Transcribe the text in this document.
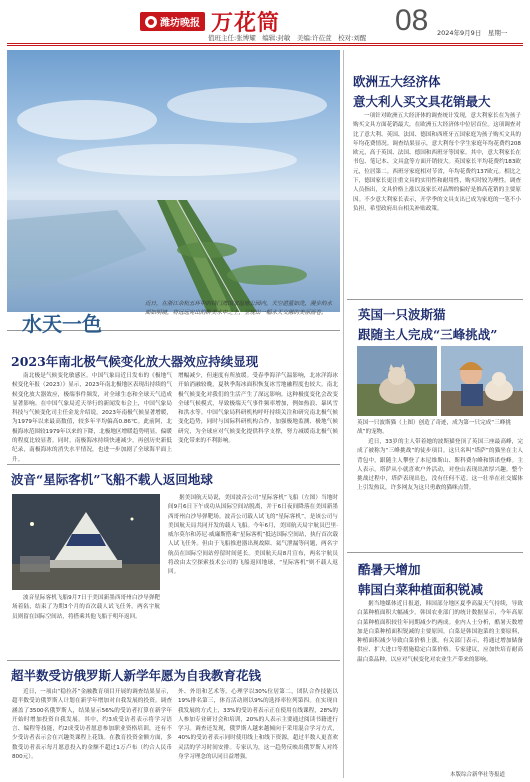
潍坊晚报 万花筒	08 2024年9月9日　星期一
值班主任:张博耀　编辑:封敏　美编:许莅萱　校对:刘醒
水天一色
近日，在浙江余杭五环中的钱门湾国家湿地公园内，天空湛蓝如洗，漫步的水面如明镜，将远远宛出的醉美水中之上，呈现出一幅水天交融的美丽画卷。
2023年南北极气候变化放大器效应持续显现
南北极是气候变化敏感区。中国气象局近日发布的《极地气候变化年报（2023）》显示，2023年南北极地区表现出持续的气候变化放大器效应，极端事件频发，对全球生态和全球天气造成显著影响。在中国气象局近天举行的新闻发布会上，中国气象局科技与气候变化司主任金龙介绍说，2023年南极气候显著增暖，为1979年以来最高数值，较多年平均偏高0.86℃。此前阿，北极海冰范围较1979年以来的下降，北极地区增暖趋势明显，偏暖的程度比较显著。同时，南极海冰持续快速减少，再创历史新低纪录，南极海冰的消失水平情况，也进一步加剧了全球海平面上升。
增幅减少，但速度有所放缓。受春季海洋气温影响，北冰洋海冰开始消融较晚，夏秋季海冰面积恢复冰雪地融程度也较大。南北极气候变化对我们的生活产生了深远影响。这种极度变化会改变全球气候模式，导致极端天气事件频率增加，例如热浪、暴风雪和洪水等。中国气象局科研机构呼吁持续关注和研究南北极气候变化趋势，同时与国际科研机构合作，加强极地监测、极地气候研究，为全球应对气候变化提供科学支撑，努力减缓南北极气候变化带来的不利影响。
波音“星际客机”飞船不载人返回地球
波音星际客机飞船9月7日于美国新墨西哥州白沙导弹靶场着陆，结束了为期3个月的首次载人试飞任务。两名宇航员则留在国际空间站，将搭乘其他飞船于明年返回。
据美国航天局说，美国波音公司“星际客机”飞船（左图）当地时间9月6日下午成功从国际空间站脱离，并于6日夜间降落在美国新墨西哥州白沙导弹靶场。波音公司载人试飞的“星际客机”，是该公司与美国航天局共同开发的载人飞船。今年6月，美国航天局宇航员巴里·威尔莫尔和苏尼·威廉斯搭乘“星际客机”抵达国际空间站，执行首次载人试飞任务。但由于飞船推进器出现故障、氦气泄漏等问题，两名宇航员在国际空间站停留时间延长。美国航天局8月宣布，两名宇航员将改由太空探索技术公司的飞船返回地球，“星际客机”则不载人返回。
超半数受访俄罗斯人新学年愿为自我教育花钱
近日，一项由“稳拉苏”金融教育项目开展的调查结果显示，超半数受访俄罗斯人计划在新学年增加对自我发展的投资。调查涵盖了3500名俄罗斯人，结果显示56%的受访者打算在新学年开始时增加投资自我发展。其中，约3成受访者表示将学习语言、编程等技能，约2成受访者愿意参加职业资格培训，还有不少受访者表示会在兴趣类课程上花钱。在教育投资金额方面，多数受访者表示每月愿意投入的金额不超过1万卢布（约合人民币800元）。
外、外语和艺术等。心理学以30%位居第二，团队合作技能以19%排名第三，体育活动则以9%的选择率位列第四。在实现自我发展的方式上，33%的受访者表示正在使用在线课程，28%的人参加专业研讨会和培训，20%的人表示主要通过阅读书籍进行学习。调查还发现，俄罗斯人越来越倾向于采用混合学习方式，40%的受访者表示同时使用线上和线下资源，超过半数人更喜欢灵活的学习时间安排。专家认为，这一趋势反映出俄罗斯人对终身学习理念的认同日益增强。
欧洲五大经济体
意大利人买文具花销最大
一项针对欧洲五大经济体的调查统计发现，意大利家长在为孩子购买文具方面花销最大，在欧洲五大经济体中位居首位。这项调查对比了意大利、英国、法国、德国和西班牙五国家庭为孩子购买文具的年均花费情况。调查结果显示，意大利每个学生家庭年均花费约208欧元，高于英国、法国、德国和西班牙等国家。其中，意大利家长在书包、笔记本、文具盒等方面开销较大。英国家长平均花费约183欧元，位居第二。西班牙家庭相对节省，年均花费约137欧元。相比之下，德国家长更注重文具的实用性和耐用性，购买时较为理性。调查人员指出，文具价格上涨以及家长对品牌的偏好是推高花销的主要原因。不少意大利家长表示，开学季的文具支出已成为家庭的一笔不小负担，希望政府出台相关补贴政策。
英国一只波斯猫
跟随主人完成“三峰挑战”
英国一只波斯猫（上图）创造了奇迹，成为第一只完成“三峰挑战”的宠物。
近日，33岁的主人带着她的波斯猫登顶了英国三座最高峰，完成了被称为“三峰挑战”的徒步项目。这只名叫“塔萨”的猫坐在主人背包中，跟随主人攀登了本尼维斯山、斯科费尔峰和斯诺登峰。主人表示，塔萨从小就喜欢户外活动，对登山表现出浓厚兴趣。整个挑战过程中，塔萨表现出色，没有任何不适。这一壮举在社交媒体上引发热议，许多网友为这只勇敢的猫咪点赞。
酷暑天增加
韩国白菜种植面积锐减
据当地媒体近日报道，韩国部分地区夏季高温天气持续，导致白菜种植面积大幅减少。韩国农业部门的统计数据显示，今年高原白菜种植面积较往年同期减少约两成。业内人士分析，酷暑天数增加是白菜种植面积锐减的主要原因。白菜是韩国泡菜的主要原料，种植面积减少导致白菜价格上涨。有关部门表示，将通过增加储备供应、扩大进口等措施稳定白菜价格。专家建议，应加快培育耐高温白菜品种，以应对气候变化对农业生产带来的影响。
本版综合新华社等报道
